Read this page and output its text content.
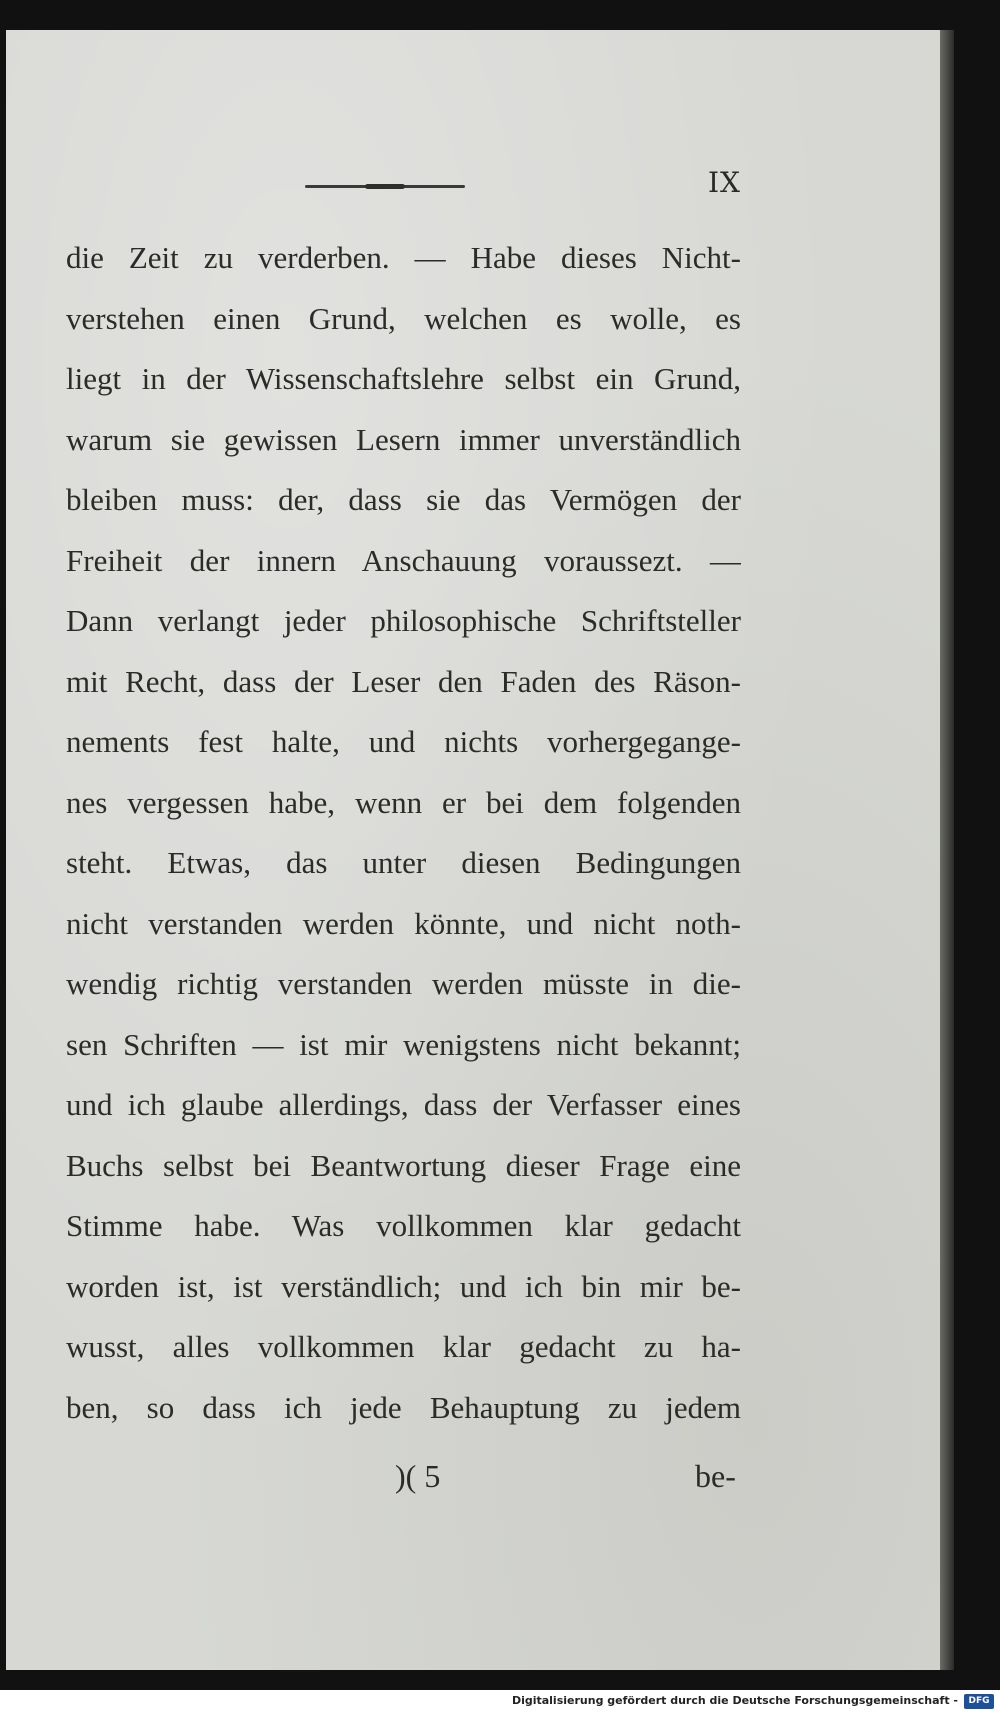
IX
die Zeit zu verderben. — Habe dieses Nicht-
verstehen einen Grund, welchen es wolle, es
liegt in der Wissenschaftslehre selbst ein Grund,
warum sie gewissen Lesern immer unverständlich
bleiben muss: der, dass sie das Vermögen der
Freiheit der innern Anschauung voraussezt. —
Dann verlangt jeder philosophische Schriftsteller
mit Recht, dass der Leser den Faden des Räson-
nements fest halte, und nichts vorhergegange-
nes vergessen habe, wenn er bei dem folgenden
steht. Etwas, das unter diesen Bedingungen
nicht verstanden werden könnte, und nicht noth-
wendig richtig verstanden werden müsste in die-
sen Schriften — ist mir wenigstens nicht bekannt;
und ich glaube allerdings, dass der Verfasser eines
Buchs selbst bei Beantwortung dieser Frage eine
Stimme habe. Was vollkommen klar gedacht
worden ist, ist verständlich; und ich bin mir be-
wusst, alles vollkommen klar gedacht zu ha-
ben, so dass ich jede Behauptung zu jedem
)( 5	be-
Digitalisierung gefördert durch die Deutsche Forschungsgemeinschaft -	DFG
